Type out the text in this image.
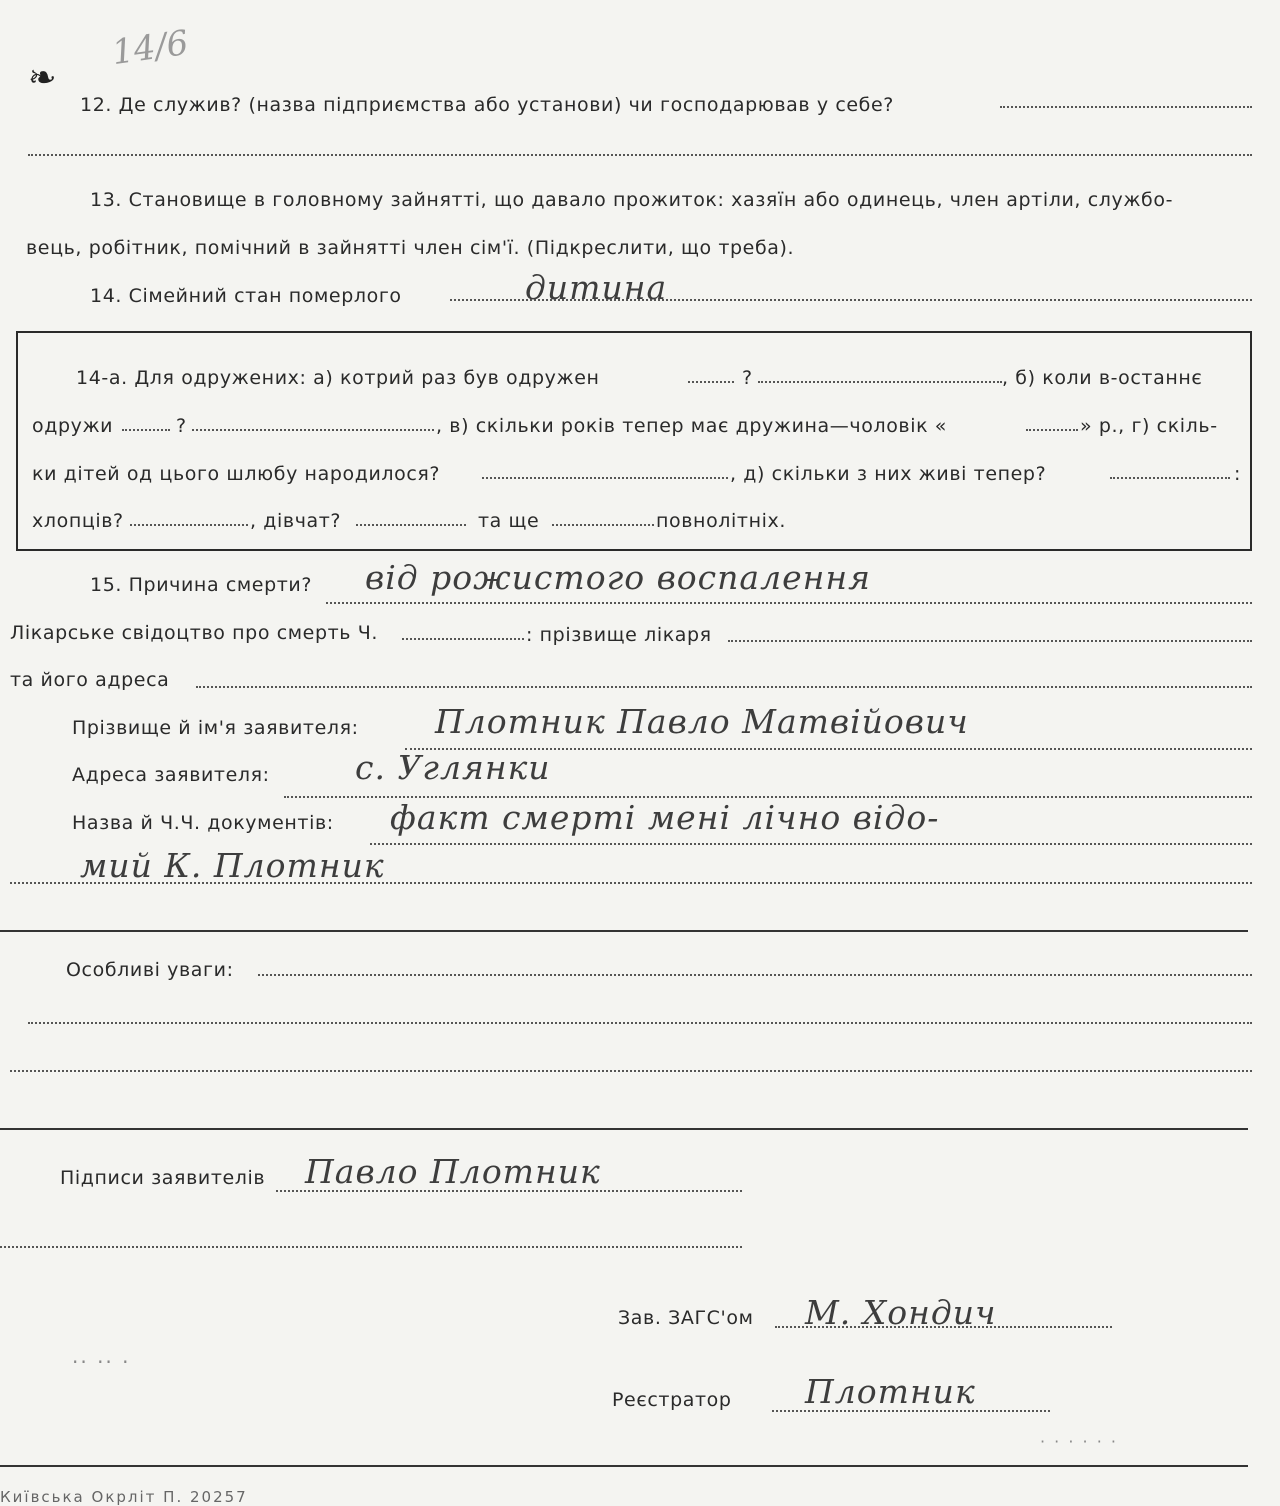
14/6
❧
12. Де служив? (назва підприємства або установи) чи господарював у себе?
13. Становище в головному зайнятті, що давало прожиток: хазяїн або одинець, член артіли, службо-
вець, робітник, помічний в зайнятті член сім'ї. (Підкреслити, що треба).
14. Сімейний стан померлого	дитина
14-а. Для одружених: а) котрий раз був одружен	?	, б) коли в-останнє
одружи	?	, в) скільки років тепер має дружина—чоловік «	» р., г) скіль-
ки дітей од цього шлюбу народилося?	, д) скільки з них живі тепер?	:
хлопців?	, дівчат?	та ще	повнолітніх.
15. Причина смерти? від рожистого воспалення
Лікарське свідоцтво про смерть Ч.	: прізвище лікаря
та його адреса
Прізвище й ім'я заявителя: Плотник Павло Матвійович
Адреса заявителя:	с. Углянки
Назва й Ч.Ч. документів: факт смерті мені лічно відо-
мий К. Плотник
Особливі уваги:
Підписи заявителів Павло Плотник
Зав. ЗАГС'ом М. Хондич
Реєстратор Плотник
·· ·· ·
· · · · · ·
Київська Окрлiт П. 20257
